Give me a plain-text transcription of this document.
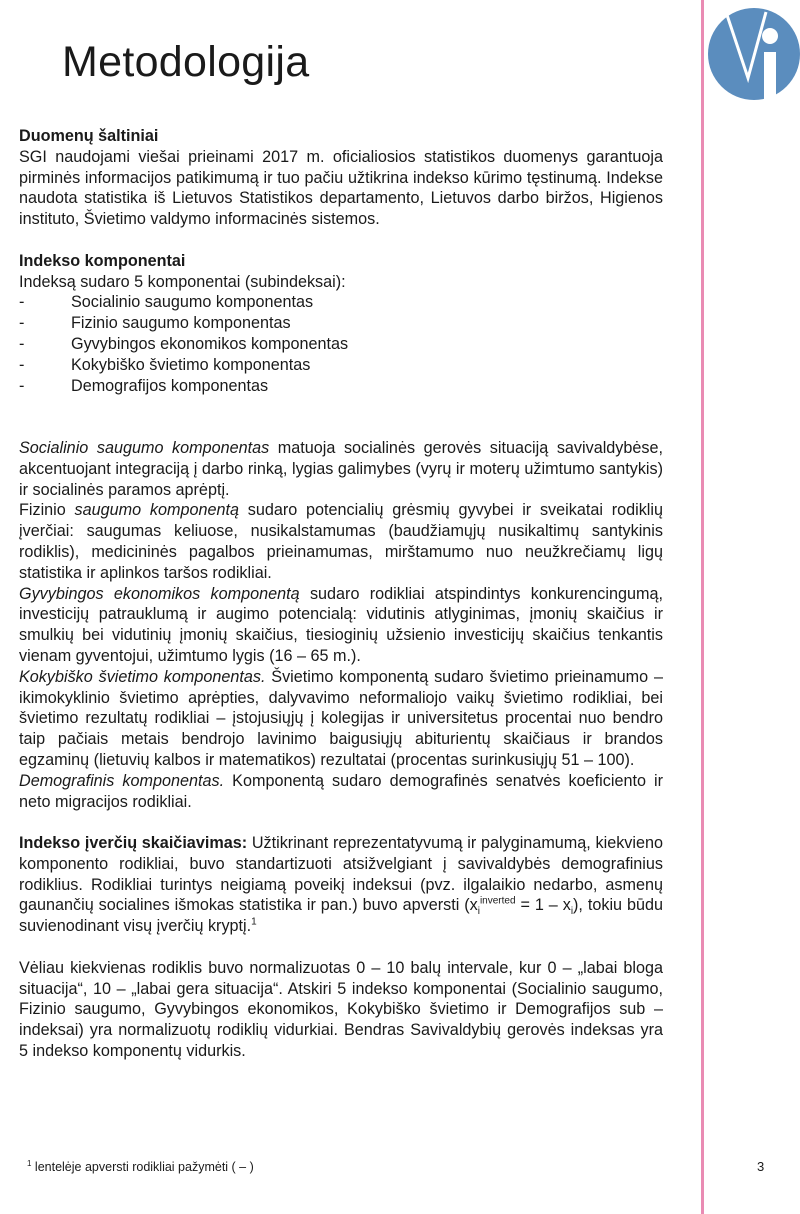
Metodologija

Duomenų šaltiniai

SGI naudojami viešai prieinami 2017 m. oficialiosios statistikos duomenys garantuoja pirminės informacijos patikimumą ir tuo pačiu užtikrina indekso kūrimo tęstinumą. Indekse naudota statistika iš Lietuvos Statistikos departamento, Lietuvos darbo biržos, Higienos instituto, Švietimo valdymo informacinės sistemos.

Indekso komponentai

Indeksą sudaro 5 komponentai (subindeksai):

-	Socialinio saugumo komponentas
-	Fizinio saugumo komponentas
-	Gyvybingos ekonomikos komponentas
-	Kokybiško švietimo komponentas
-	Demografijos komponentas

Socialinio saugumo komponentas matuoja socialinės gerovės situaciją savivaldybėse, akcentuojant integraciją į darbo rinką, lygias galimybes (vyrų ir moterų užimtumo santykis) ir socialinės paramos aprėptį.

Fizinio saugumo komponentą sudaro potencialių grėsmių gyvybei ir sveikatai rodiklių įverčiai: saugumas keliuose, nusikalstamumas (baudžiamųjų nusikaltimų santykinis rodiklis), medicininės pagalbos prieinamumas, mirštamumo nuo neužkrečiamų ligų statistika ir aplinkos taršos rodikliai.

Gyvybingos ekonomikos komponentą sudaro rodikliai atspindintys konkurencingumą, investicijų patrauklumą ir augimo potencialą: vidutinis atlyginimas, įmonių skaičius ir smulkių bei vidutinių įmonių skaičius, tiesioginių užsienio investicijų skaičius tenkantis vienam gyventojui, užimtumo lygis (16 – 65 m.).

Kokybiško švietimo komponentas. Švietimo komponentą sudaro švietimo prieinamumo – ikimokyklinio švietimo aprėpties, dalyvavimo neformaliojo vaikų švietimo rodikliai, bei švietimo rezultatų rodikliai – įstojusiųjų į kolegijas ir universitetus procentai nuo bendro taip pačiais metais bendrojo lavinimo baigusiųjų abiturientų skaičiaus ir brandos egzaminų (lietuvių kalbos ir matematikos) rezultatai (procentas surinkusiųjų 51 – 100).

Demografinis komponentas. Komponentą sudaro demografinės senatvės koeficiento ir neto migracijos rodikliai.

Indekso įverčių skaičiavimas: Užtikrinant reprezentatyvumą ir palyginamumą, kiekvieno komponento rodikliai, buvo standartizuoti atsižvelgiant į savivaldybės demografinius rodiklius. Rodikliai turintys neigiamą poveikį indeksui (pvz. ilgalaikio nedarbo, asmenų gaunančių socialines išmokas statistika ir pan.) buvo apversti $(x_i^{inverted} = 1 - x_i)$, tokiu būdu suvienodinant visų įverčių kryptį.$^1$

Vėliau kiekvienas rodiklis buvo normalizuotas 0 – 10 balų intervale, kur 0 – „labai bloga situacija“, 10 – „labai gera situacija“. Atskiri 5 indekso komponentai (Socialinio saugumo, Fizinio saugumo, Gyvybingos ekonomikos, Kokybiško švietimo ir Demografijos sub – indeksai) yra normalizuotų rodiklių vidurkiai. Bendras Savivaldybių gerovės indeksas yra 5 indekso komponentų vidurkis.

$^1$ lentelėje apversti rodikliai pažymėti ( – )	3
